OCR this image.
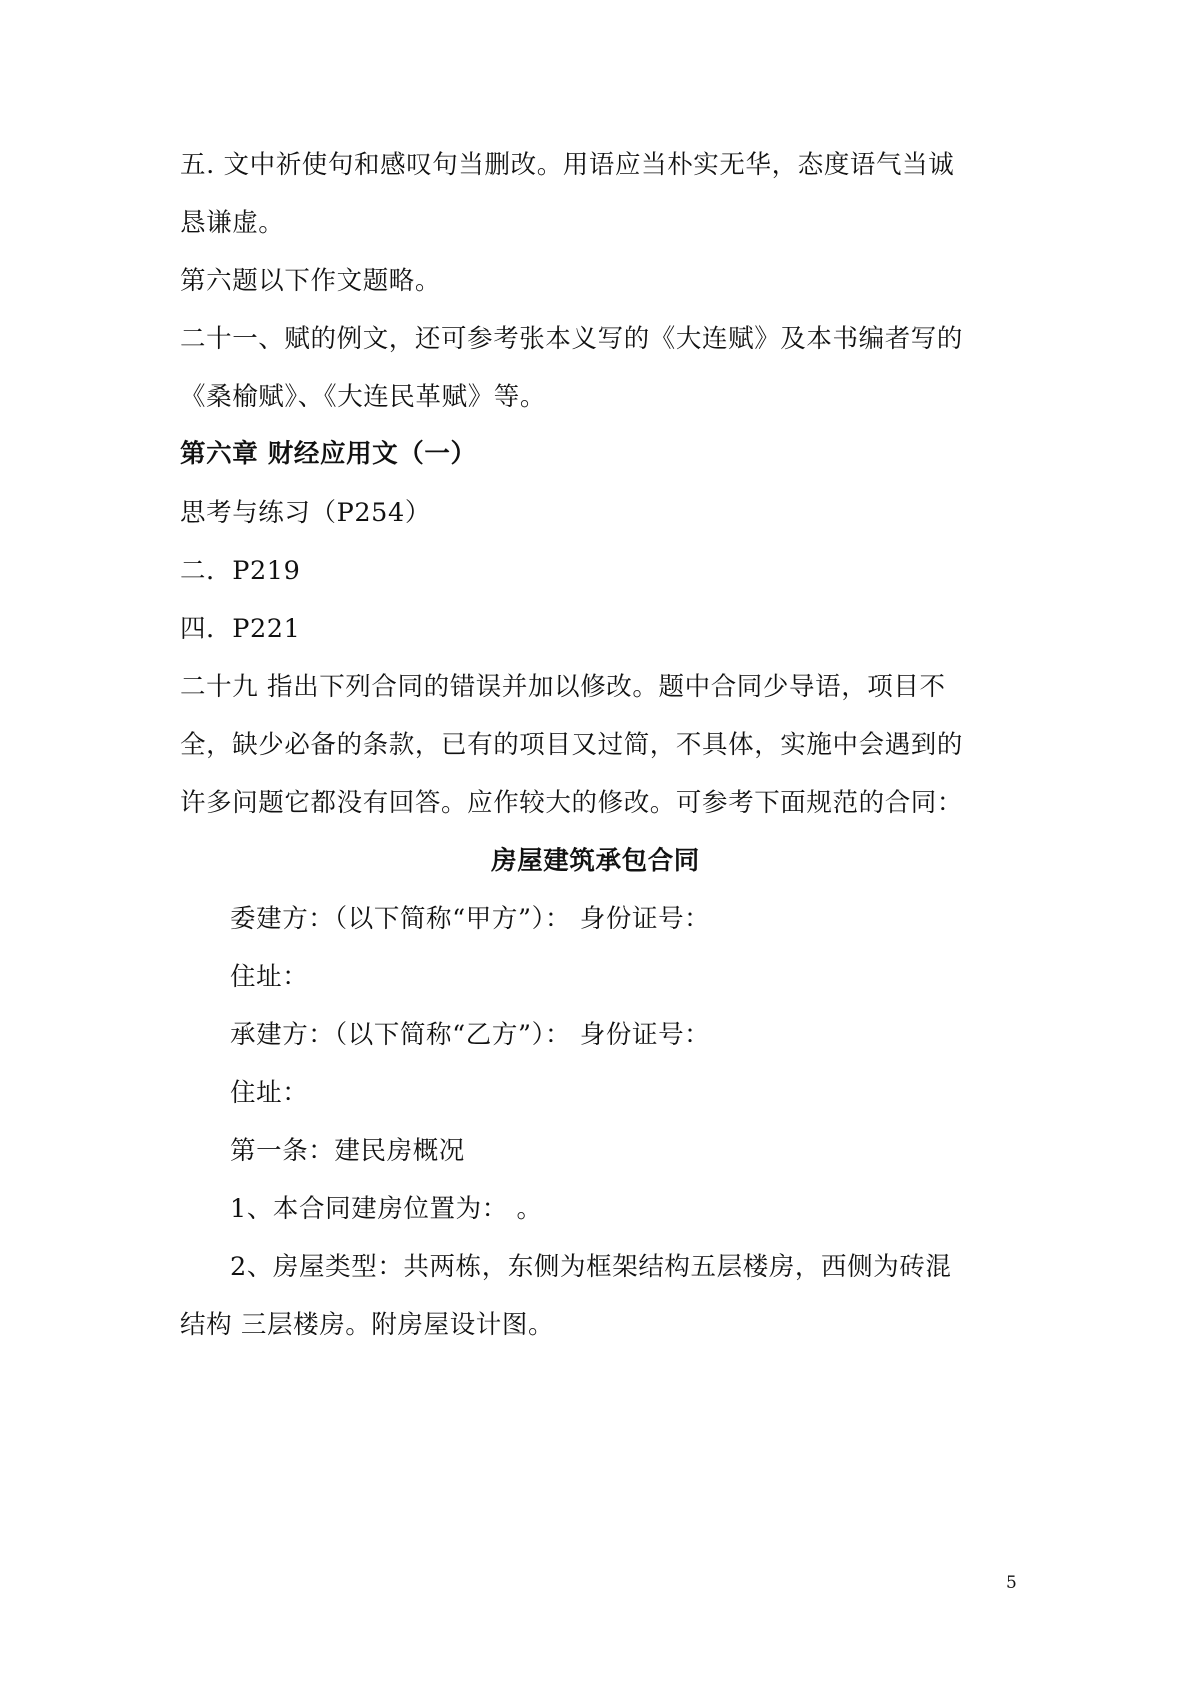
五. 文中祈使句和感叹句当删改。用语应当朴实无华，态度语气当诚
恳谦虚。
第六题以下作文题略。
二十一、赋的例文，还可参考张本义写的《大连赋》及本书编者写的
《桑榆赋》、《大连民革赋》等。
第六章 财经应用文（一）
思考与练习（P254）
二．P219
四．P221
二十九 指出下列合同的错误并加以修改。题中合同少导语，项目不
全，缺少必备的条款，已有的项目又过简，不具体，实施中会遇到的
许多问题它都没有回答。应作较大的修改。可参考下面规范的合同：
房屋建筑承包合同
委建方：（以下简称“甲方”）： 身份证号：
住址：
承建方：（以下简称“乙方”）： 身份证号：
住址：
第一条：建民房概况
1、本合同建房位置为： 。
2、房屋类型：共两栋，东侧为框架结构五层楼房，西侧为砖混
结构 三层楼房。附房屋设计图。
5
